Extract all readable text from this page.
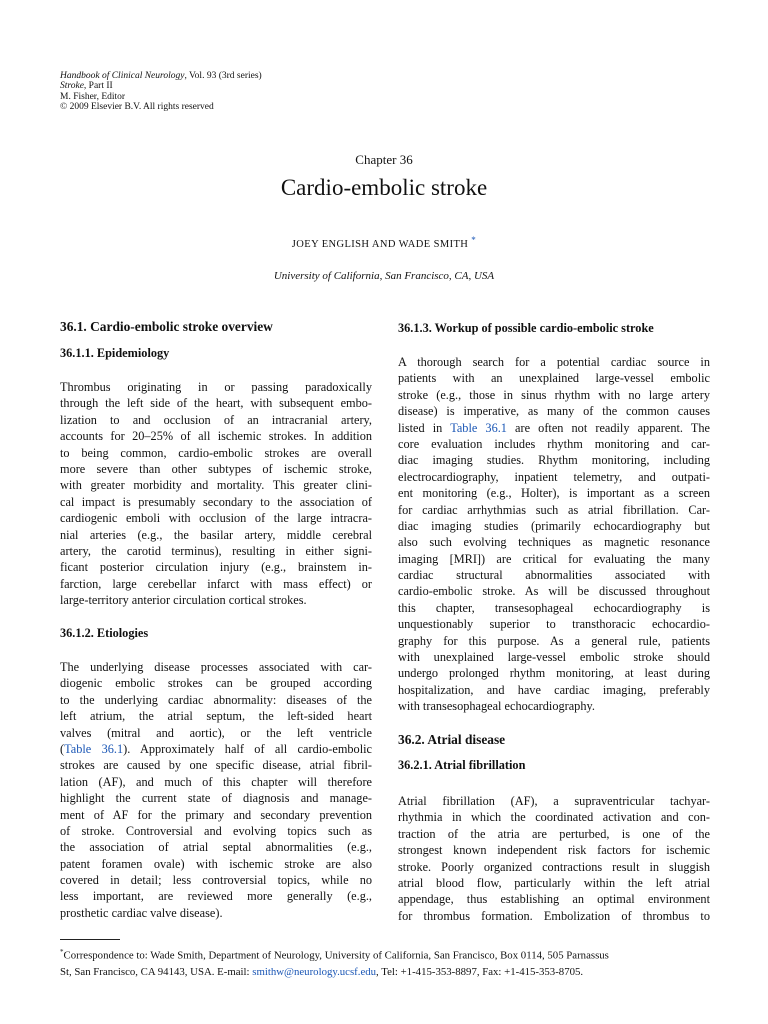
Handbook of Clinical Neurology, Vol. 93 (3rd series)
Stroke, Part II
M. Fisher, Editor
© 2009 Elsevier B.V. All rights reserved
Chapter 36
Cardio-embolic stroke
JOEY ENGLISH AND WADE SMITH *
University of California, San Francisco, CA, USA
36.1. Cardio-embolic stroke overview
36.1.1. Epidemiology
Thrombus originating in or passing paradoxically
through the left side of the heart, with subsequent embo-
lization to and occlusion of an intracranial artery,
accounts for 20–25% of all ischemic strokes. In addition
to being common, cardio-embolic strokes are overall
more severe than other subtypes of ischemic stroke,
with greater morbidity and mortality. This greater clini-
cal impact is presumably secondary to the association of
cardiogenic emboli with occlusion of the large intracra-
nial arteries (e.g., the basilar artery, middle cerebral
artery, the carotid terminus), resulting in either signi-
ficant posterior circulation injury (e.g., brainstem in-
farction, large cerebellar infarct with mass effect) or
large-territory anterior circulation cortical strokes.
36.1.2. Etiologies
The underlying disease processes associated with car-
diogenic embolic strokes can be grouped according
to the underlying cardiac abnormality: diseases of the
left atrium, the atrial septum, the left-sided heart
valves (mitral and aortic), or the left ventricle
(Table 36.1). Approximately half of all cardio-embolic
strokes are caused by one specific disease, atrial fibril-
lation (AF), and much of this chapter will therefore
highlight the current state of diagnosis and manage-
ment of AF for the primary and secondary prevention
of stroke. Controversial and evolving topics such as
the association of atrial septal abnormalities (e.g.,
patent foramen ovale) with ischemic stroke are also
covered in detail; less controversial topics, while no
less important, are reviewed more generally (e.g.,
prosthetic cardiac valve disease).
36.1.3. Workup of possible cardio-embolic stroke
A thorough search for a potential cardiac source in
patients with an unexplained large-vessel embolic
stroke (e.g., those in sinus rhythm with no large artery
disease) is imperative, as many of the common causes
listed in Table 36.1 are often not readily apparent. The
core evaluation includes rhythm monitoring and car-
diac imaging studies. Rhythm monitoring, including
electrocardiography, inpatient telemetry, and outpati-
ent monitoring (e.g., Holter), is important as a screen
for cardiac arrhythmias such as atrial fibrillation. Car-
diac imaging studies (primarily echocardiography but
also such evolving techniques as magnetic resonance
imaging [MRI]) are critical for evaluating the many
cardiac structural abnormalities associated with
cardio-embolic stroke. As will be discussed throughout
this chapter, transesophageal echocardiography is
unquestionably superior to transthoracic echocardio-
graphy for this purpose. As a general rule, patients
with unexplained large-vessel embolic stroke should
undergo prolonged rhythm monitoring, at least during
hospitalization, and have cardiac imaging, preferably
with transesophageal echocardiography.
36.2. Atrial disease
36.2.1. Atrial fibrillation
Atrial fibrillation (AF), a supraventricular tachyar-
rhythmia in which the coordinated activation and con-
traction of the atria are perturbed, is one of the
strongest known independent risk factors for ischemic
stroke. Poorly organized contractions result in sluggish
atrial blood flow, particularly within the left atrial
appendage, thus establishing an optimal environment
for thrombus formation. Embolization of thrombus to
*Correspondence to: Wade Smith, Department of Neurology, University of California, San Francisco, Box 0114, 505 Parnassus
St, San Francisco, CA 94143, USA. E-mail: smithw@neurology.ucsf.edu, Tel: +1-415-353-8897, Fax: +1-415-353-8705.
